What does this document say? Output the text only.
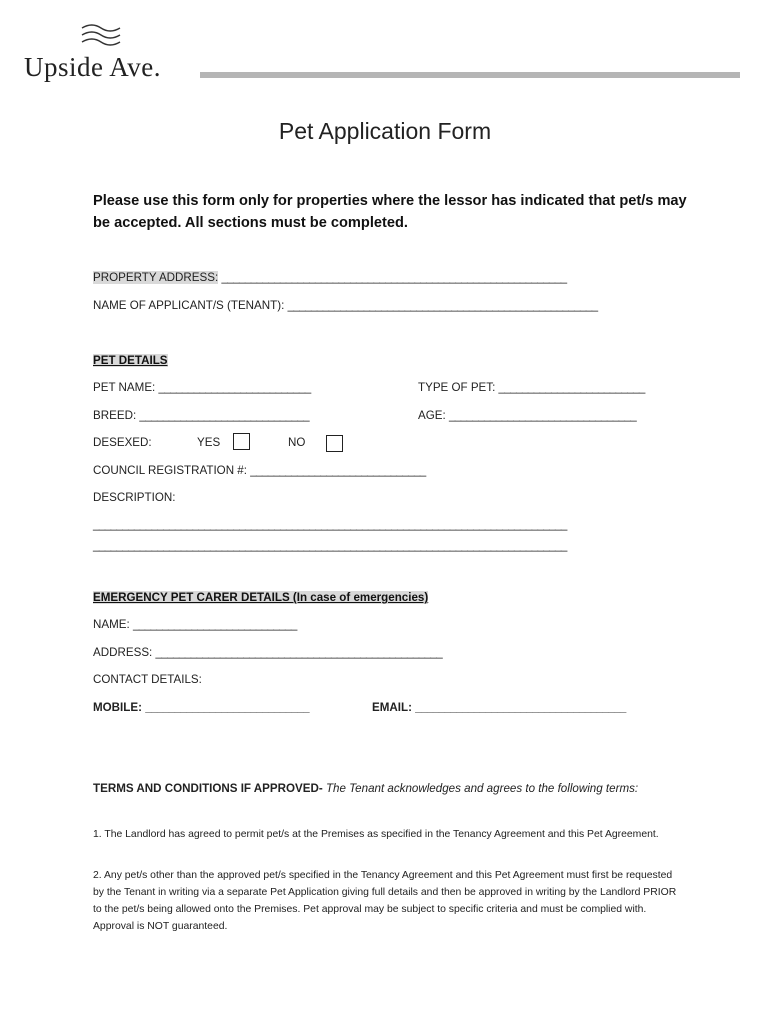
Upside Ave.
Pet Application Form
Please use this form only for properties where the lessor has indicated that pet/s may be accepted. All sections must be completed.
PROPERTY ADDRESS: ___________________________________________________________
NAME OF APPLICANT/S (TENANT): _____________________________________________________
PET DETAILS
PET NAME: __________________________	TYPE OF PET: _________________________
BREED: _____________________________	AGE: ________________________________
DESEXED:	YES	NO
COUNCIL REGISTRATION #: ______________________________
DESCRIPTION:
_________________________________________________________________________________
_________________________________________________________________________________
EMERGENCY PET CARER DETAILS (In case of emergencies)
NAME: ____________________________
ADDRESS: _________________________________________________
CONTACT DETAILS:
MOBILE: ____________________________	EMAIL: ____________________________________
TERMS AND CONDITIONS IF APPROVED- The Tenant acknowledges and agrees to the following terms:
1. The Landlord has agreed to permit pet/s at the Premises as specified in the Tenancy Agreement and this Pet Agreement.
2. Any pet/s other than the approved pet/s specified in the Tenancy Agreement and this Pet Agreement must first be requested by the Tenant in writing via a separate Pet Application giving full details and then be approved in writing by the Landlord PRIOR to the pet/s being allowed onto the Premises. Pet approval may be subject to specific criteria and must be complied with. Approval is NOT guaranteed.
